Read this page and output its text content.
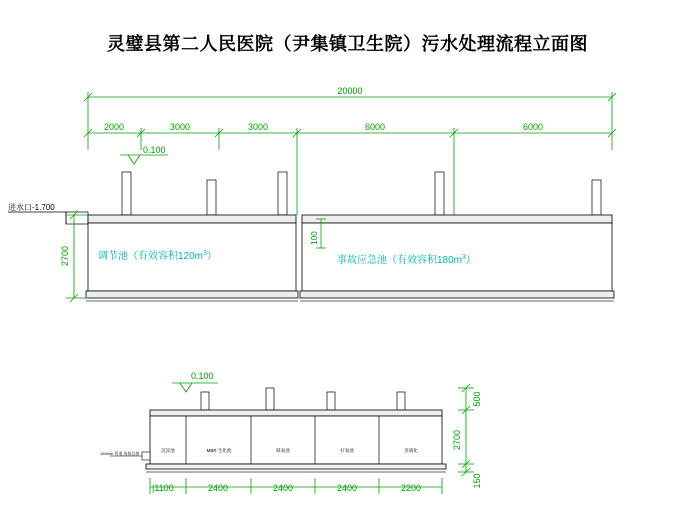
灵璧县第二人民医院（尹集镇卫生院）污水处理流程立面图
20000
2000	3000	3000	6000	6000
0.100
进水口-1.700
2700
100
调节池（有效容积$120m^3$）	事故应急池（有效容积$180m^3$）
0.100
150mm 管道 连接总排
沉淀池	MBR 生化池	缺氧池	好氧池	反硝化
|1100	2400	2400	2400	2200
500
2700
150
